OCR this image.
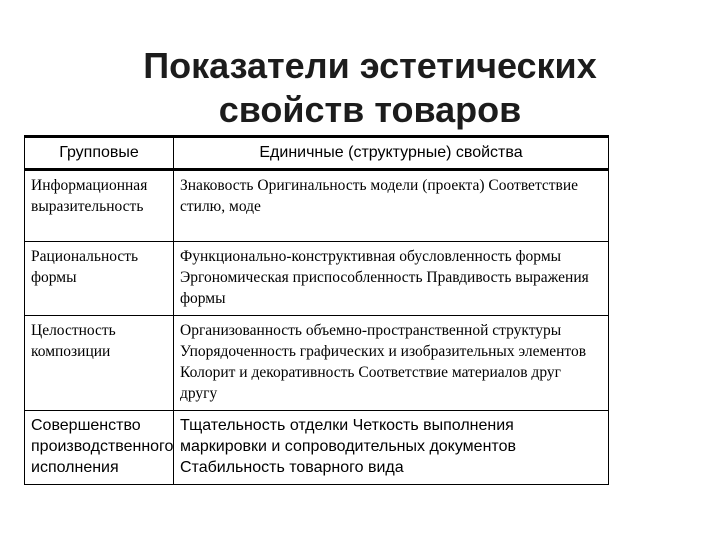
Показатели эстетических
свойств товаров
Групповые	Единичные (структурные) свойства
Информационная выразительность	Знаковость Оригинальность модели (проекта) Соответствие стилю, моде
Рациональность формы	Функционально-конструктивная обусловленность формы Эргономическая приспособленность Правдивость выражения формы
Целостность композиции	Организованность объемно-пространственной структуры Упорядоченность графических и изобразительных элементов Колорит и декоративность Соответствие материалов друг другу
Совершенство производственного исполнения	Тщательность отделки Четкость выполнения маркировки и сопроводительных документов Стабильность товарного вида
